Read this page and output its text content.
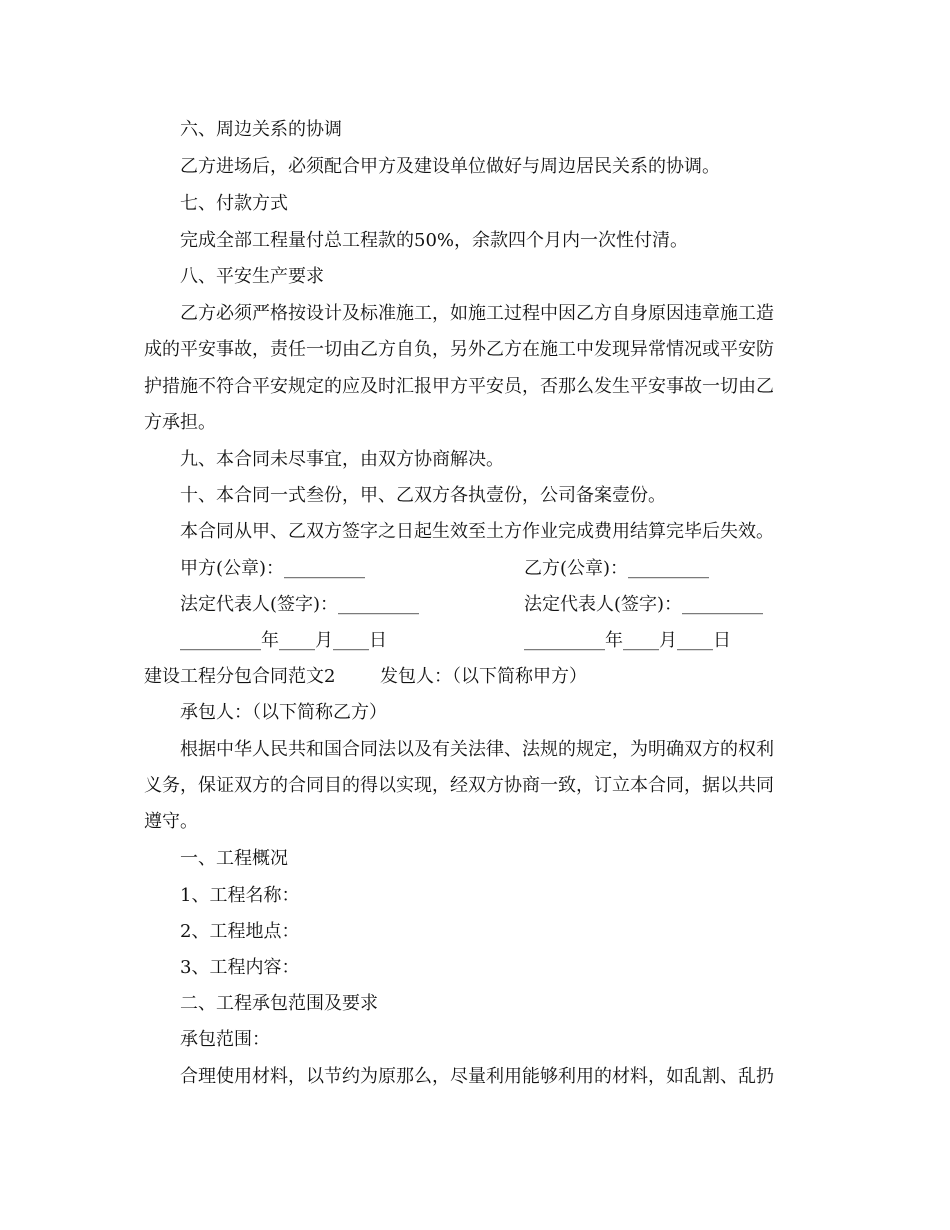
六、周边关系的协调
乙方进场后，必须配合甲方及建设单位做好与周边居民关系的协调。
七、付款方式
完成全部工程量付总工程款的50%，余款四个月内一次性付清。
八、平安生产要求
乙方必须严格按设计及标准施工，如施工过程中因乙方自身原因违章施工造
成的平安事故，责任一切由乙方自负，另外乙方在施工中发现异常情况或平安防
护措施不符合平安规定的应及时汇报甲方平安员，否那么发生平安事故一切由乙
方承担。
九、本合同未尽事宜，由双方协商解决。
十、本合同一式叁份，甲、乙双方各执壹份，公司备案壹份。
本合同从甲、乙双方签字之日起生效至土方作业完成费用结算完毕后失效。
甲方(公章)：_________	乙方(公章)：_________
法定代表人(签字)：_________	法定代表人(签字)：_________
_________年____月____日	_________年____月____日
建设工程分包合同范文2 发包人：（以下简称甲方）
承包人：（以下简称乙方）
根据中华人民共和国合同法以及有关法律、法规的规定，为明确双方的权利
义务，保证双方的合同目的得以实现，经双方协商一致，订立本合同，据以共同
遵守。
一、工程概况
1、工程名称：
2、工程地点：
3、工程内容：
二、工程承包范围及要求
承包范围：
合理使用材料，以节约为原那么，尽量利用能够利用的材料，如乱割、乱扔
